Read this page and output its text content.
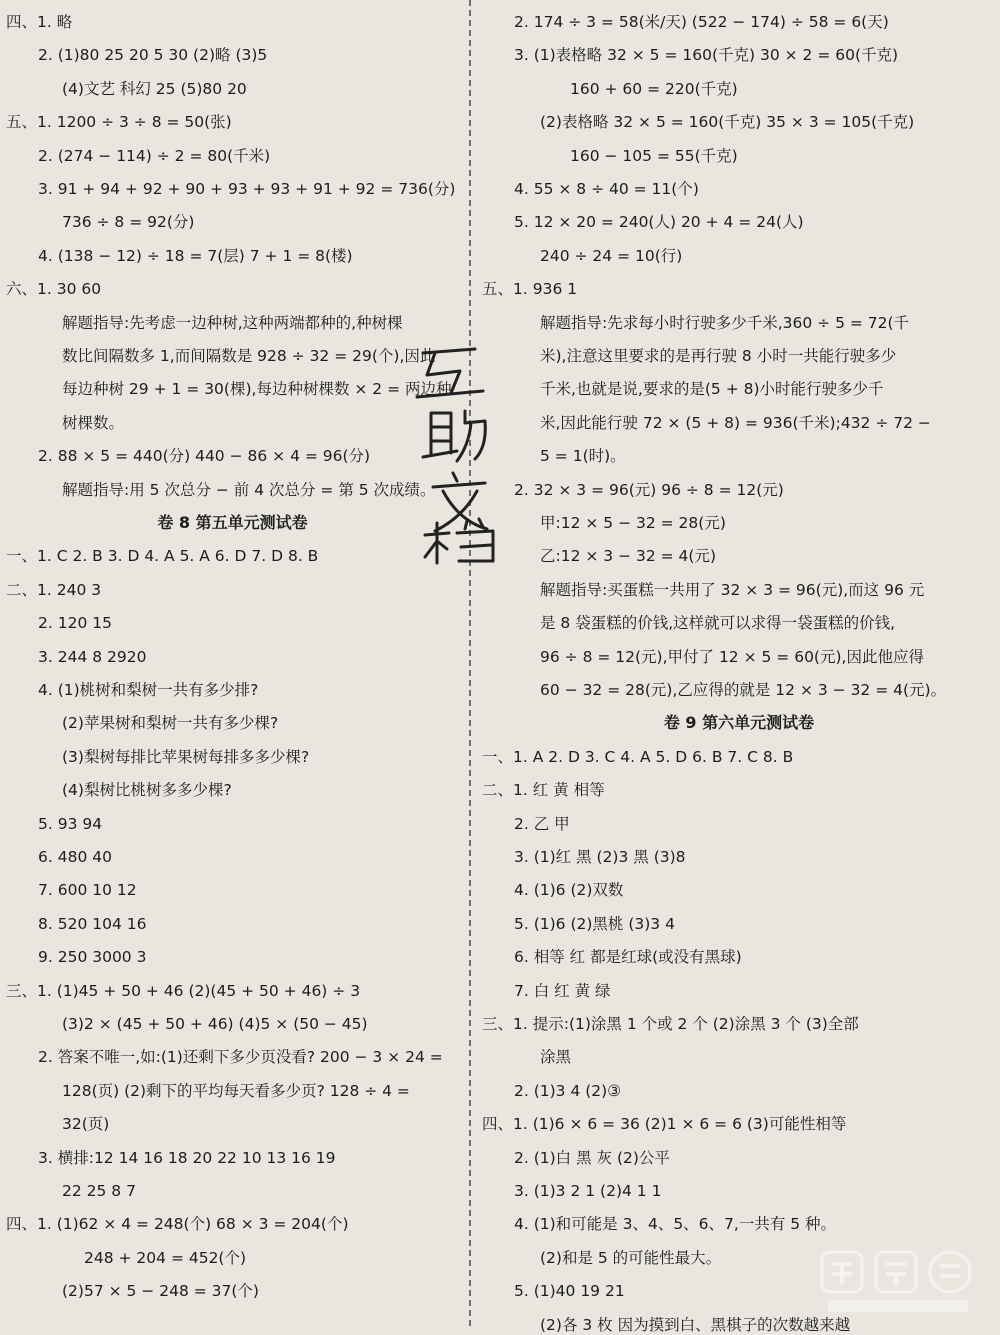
四、1. 略
2. (1)80 25 20 5 30 (2)略 (3)5
(4)文艺 科幻 25 (5)80 20
五、1. 1200 ÷ 3 ÷ 8 = 50(张)
2. (274 − 114) ÷ 2 = 80(千米)
3. 91 + 94 + 92 + 90 + 93 + 93 + 91 + 92 = 736(分)
736 ÷ 8 = 92(分)
4. (138 − 12) ÷ 18 = 7(层) 7 + 1 = 8(楼)
六、1. 30 60
解题指导:先考虑一边种树,这种两端都种的,种树棵
数比间隔数多 1,而间隔数是 928 ÷ 32 = 29(个),因此
每边种树 29 + 1 = 30(棵),每边种树棵数 × 2 = 两边种
树棵数。
2. 88 × 5 = 440(分) 440 − 86 × 4 = 96(分)
解题指导:用 5 次总分 − 前 4 次总分 = 第 5 次成绩。
卷 8 第五单元测试卷
一、1. C 2. B 3. D 4. A 5. A 6. D 7. D 8. B
二、1. 240 3
2. 120 15
3. 244 8 2920
4. (1)桃树和梨树一共有多少排?
(2)苹果树和梨树一共有多少棵?
(3)梨树每排比苹果树每排多多少棵?
(4)梨树比桃树多多少棵?
5. 93 94
6. 480 40
7. 600 10 12
8. 520 104 16
9. 250 3000 3
三、1. (1)45 + 50 + 46 (2)(45 + 50 + 46) ÷ 3
(3)2 × (45 + 50 + 46) (4)5 × (50 − 45)
2. 答案不唯一,如:(1)还剩下多少页没看? 200 − 3 × 24 =
128(页) (2)剩下的平均每天看多少页? 128 ÷ 4 =
32(页)
3. 横排:12 14 16 18 20 22 10 13 16 19
22 25 8 7
四、1. (1)62 × 4 = 248(个) 68 × 3 = 204(个)
248 + 204 = 452(个)
(2)57 × 5 − 248 = 37(个)
2. 174 ÷ 3 = 58(米/天) (522 − 174) ÷ 58 = 6(天)
3. (1)表格略 32 × 5 = 160(千克) 30 × 2 = 60(千克)
160 + 60 = 220(千克)
(2)表格略 32 × 5 = 160(千克) 35 × 3 = 105(千克)
160 − 105 = 55(千克)
4. 55 × 8 ÷ 40 = 11(个)
5. 12 × 20 = 240(人) 20 + 4 = 24(人)
240 ÷ 24 = 10(行)
五、1. 936 1
解题指导:先求每小时行驶多少千米,360 ÷ 5 = 72(千
米),注意这里要求的是再行驶 8 小时一共能行驶多少
千米,也就是说,要求的是(5 + 8)小时能行驶多少千
米,因此能行驶 72 × (5 + 8) = 936(千米);432 ÷ 72 −
5 = 1(时)。
2. 32 × 3 = 96(元) 96 ÷ 8 = 12(元)
甲:12 × 5 − 32 = 28(元)
乙:12 × 3 − 32 = 4(元)
解题指导:买蛋糕一共用了 32 × 3 = 96(元),而这 96 元
是 8 袋蛋糕的价钱,这样就可以求得一袋蛋糕的价钱,
96 ÷ 8 = 12(元),甲付了 12 × 5 = 60(元),因此他应得
60 − 32 = 28(元),乙应得的就是 12 × 3 − 32 = 4(元)。
卷 9 第六单元测试卷
一、1. A 2. D 3. C 4. A 5. D 6. B 7. C 8. B
二、1. 红 黄 相等
2. 乙 甲
3. (1)红 黑 (2)3 黑 (3)8
4. (1)6 (2)双数
5. (1)6 (2)黑桃 (3)3 4
6. 相等 红 都是红球(或没有黑球)
7. 白 红 黄 绿
三、1. 提示:(1)涂黑 1 个或 2 个 (2)涂黑 3 个 (3)全部
涂黑
2. (1)3 4 (2)③
四、1. (1)6 × 6 = 36 (2)1 × 6 = 6 (3)可能性相等
2. (1)白 黑 灰 (2)公平
3. (1)3 2 1 (2)4 1 1
4. (1)和可能是 3、4、5、6、7,一共有 5 种。
(2)和是 5 的可能性最大。
5. (1)40 19 21
(2)各 3 枚 因为摸到白、黑棋子的次数越来越
